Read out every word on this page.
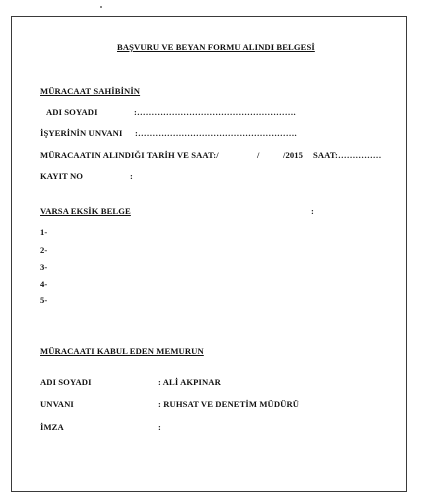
BAŞVURU VE BEYAN FORMU ALINDI BELGESİ
MÜRACAAT SAHİBİNİN
ADI SOYADI	:……………………………………………….
İŞYERİNİN UNVANI :……………………………………………….
MÜRACAATIN ALINDIĞI TARİH VE SAAT:/	/	/2015 SAAT:……………
KAYIT NO	:
VARSA EKSİK BELGE	:
1-
2-
3-
4-
5-
MÜRACAATI KABUL EDEN MEMURUN
ADI SOYADI	: ALİ AKPINAR
UNVANI	: RUHSAT VE DENETİM MÜDÜRÜ
İMZA	:
